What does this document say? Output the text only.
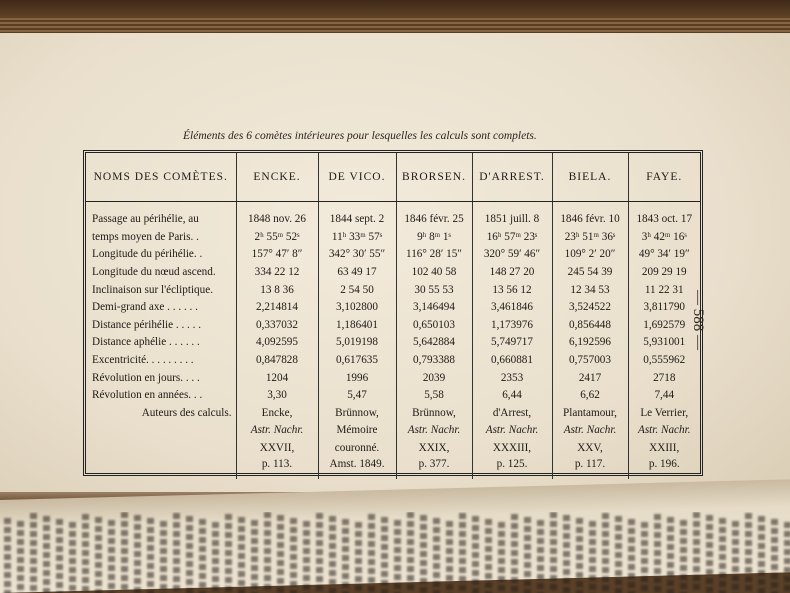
Éléments des 6 comètes intérieures pour lesquelles les calculs sont complets.
NOMS DES COMÈTES.	ENCKE.	DE VICO.	BRORSEN.	D'ARREST.	BIELA.	FAYE.

Passage au périhélie, au	1848 nov. 26	1844 sept. 2	1846 févr. 25	1851 juill. 8	1846 févr. 10	1843 oct. 17
temps moyen de Paris. .	2ʰ 55ᵐ 52ˢ	11ʰ 33ᵐ 57ˢ	9ʰ 8ᵐ 1ˢ	16ʰ 57ᵐ 23ˢ	23ʰ 51ᵐ 36ˢ	3ʰ 42ᵐ 16ˢ
Longitude du périhélie. .	157° 47′ 8″	342° 30′ 55″	116° 28′ 15″	320° 59′ 46″	109° 2′ 20″	49° 34′ 19″
Longitude du nœud ascend.	334 22 12	63 49 17	102 40 58	148 27 20	245 54 39	209 29 19
Inclinaison sur l'écliptique.	13 8 36	2 54 50	30 55 53	13 56 12	12 34 53	11 22 31
Demi-grand axe . . . . . .	2,214814	3,102800	3,146494	3,461846	3,524522	3,811790
Distance périhélie . . . . .	0,337032	1,186401	0,650103	1,173976	0,856448	1,692579
Distance aphélie . . . . . .	4,092595	5,019198	5,642884	5,749717	6,192596	5,931001
Excentricité. . . . . . . . .	0,847828	0,617635	0,793388	0,660881	0,757003	0,555962
Révolution en jours. . . .	1204	1996	2039	2353	2417	2718
Révolution en années. . .	3,30	5,47	5,58	6,44	6,62	7,44
Auteurs des calculs.	Encke,	Brünnow,	Brünnow,	d'Arrest,	Plantamour,	Le Verrier,
	Astr. Nachr.	Mémoire	Astr. Nachr.	Astr. Nachr.	Astr. Nachr.	Astr. Nachr.
	XXVII,	couronné.	XXIX,	XXXIII,	XXV,	XXIII,
	p. 113.	Amst. 1849.	p. 377.	p. 125.	p. 117.	p. 196.
— 588 —
